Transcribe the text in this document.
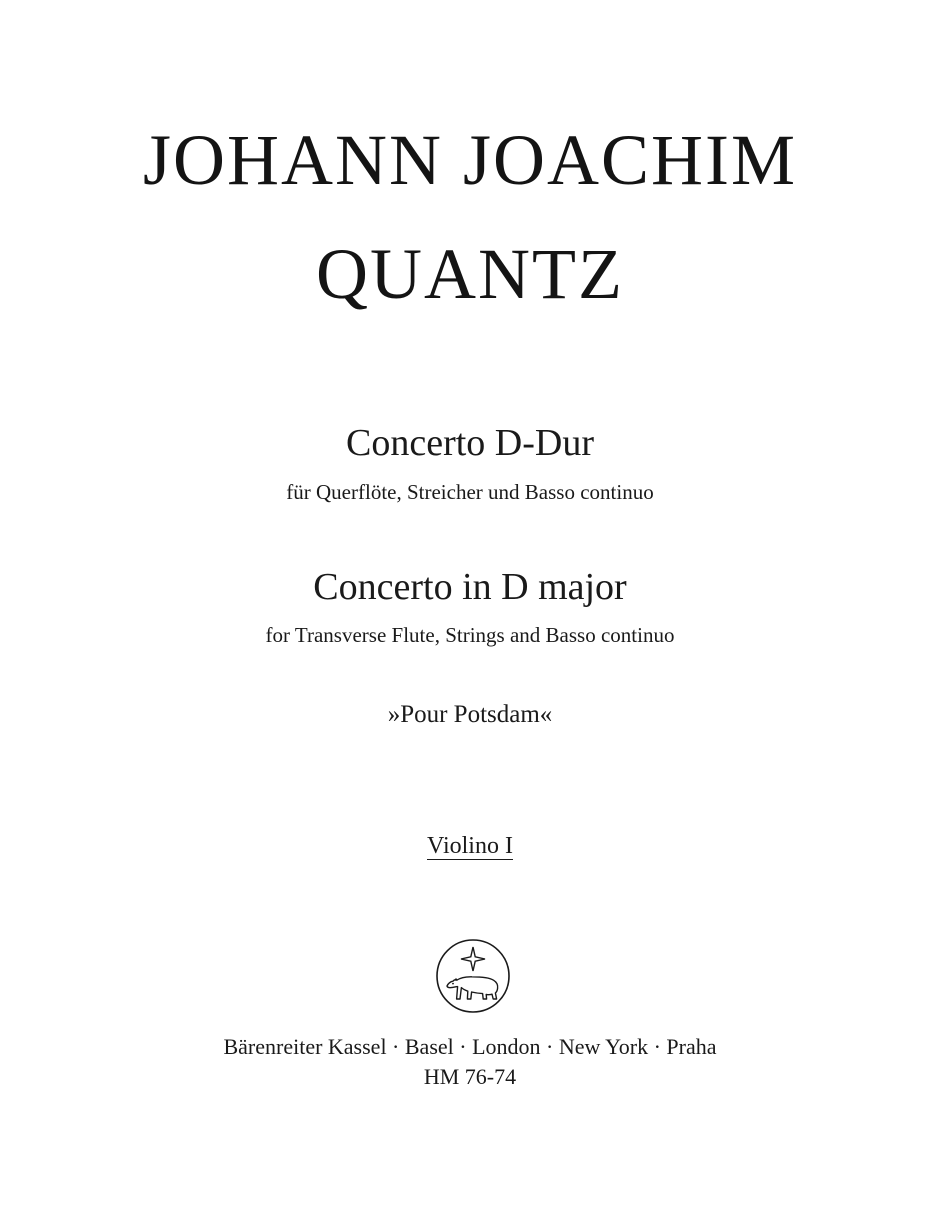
JOHANN JOACHIM
QUANTZ
Concerto D-Dur
für Querflöte, Streicher und Basso continuo
Concerto in D major
for Transverse Flute, Strings and Basso continuo
»Pour Potsdam«
Violino I
Bärenreiter Kassel · Basel · London · New York · Praha
HM 76-74
